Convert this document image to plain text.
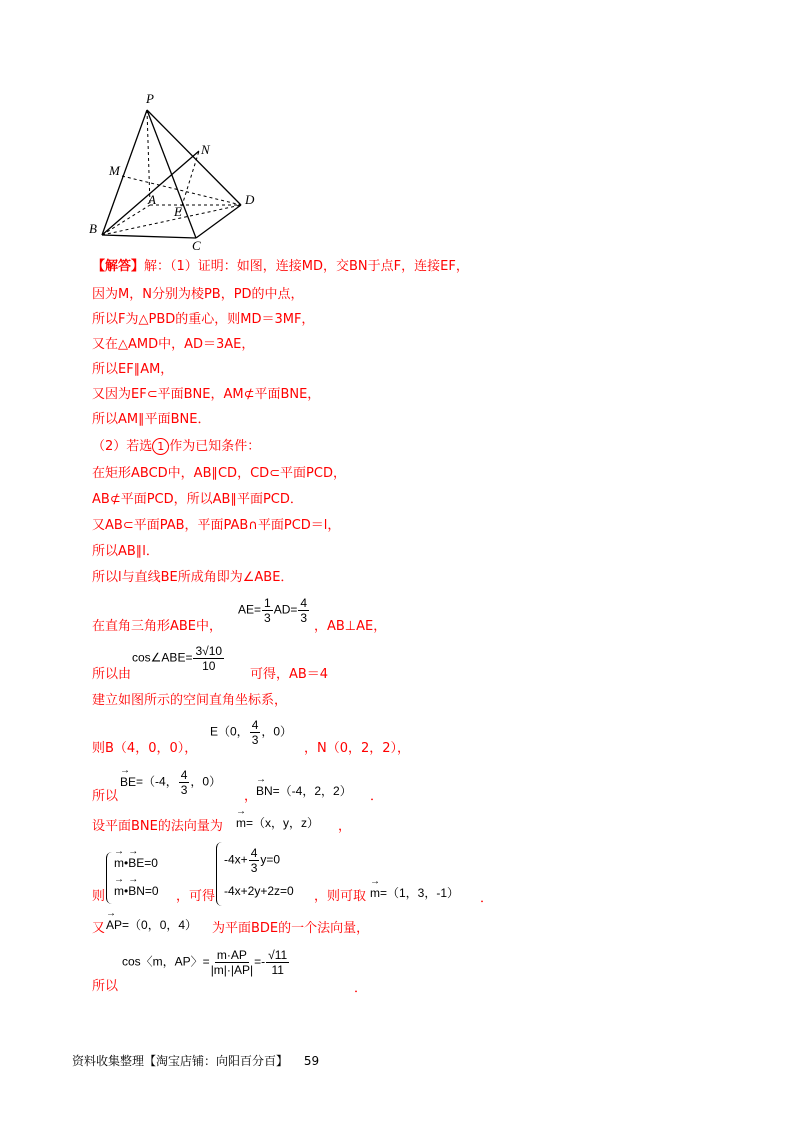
P
M
N
A
E
D
B
C
【解答】解：（1）证明：如图，连接MD，交BN于点F，连接EF，
因为M，N分别为棱PB，PD的中点，
所以F为△PBD的重心，则MD＝3MF，
又在△AMD中，AD＝3AE，
所以EF∥AM，
又因为EF⊂平面BNE，AM⊄平面BNE，
所以AM∥平面BNE．
（2）若选 1 作为已知条件：
在矩形ABCD中，AB∥CD，CD⊂平面PCD，
AB⊄平面PCD，所以AB∥平面PCD．
又AB⊂平面PAB，平面PAB∩平面PCD＝l，
所以AB∥l．
所以l与直线BE所成角即为∠ABE．
在直角三角形ABE中，
$AE= \frac{1}{3} AD= \frac{4}{3}$
，AB⊥AE，
所以由
cos∠ABE= $\frac{3√10}{10}$
可得，AB＝4
建立如图所示的空间直角坐标系，
则B（4，0，0），
E（0， $\frac{4}{3}$ ，0）
，N（0，2，2），
所以
→ BE=（-4， $\frac{4}{3}$ ，0）
，
→ BN=（-4，2，2） ．
设平面BNE的法向量为 → m=（x，y，z） ，
则
→ m•→ BE=0
→ m•→ BN=0 ，可得
$-4x+ \frac{4}{3} y=0$
-4x+2y+2z=0 ，则可取 → m=（1，3，-1） ．
又 → AP=（0，0，4） 为平面BDE的一个法向量，
所以
cos〈m，AP〉= $\frac{m\cdot AP}{|m|\cdot|AP|} =- \frac{√11}{11}$
．
资料收集整理【淘宝店铺：向阳百分百】 59
